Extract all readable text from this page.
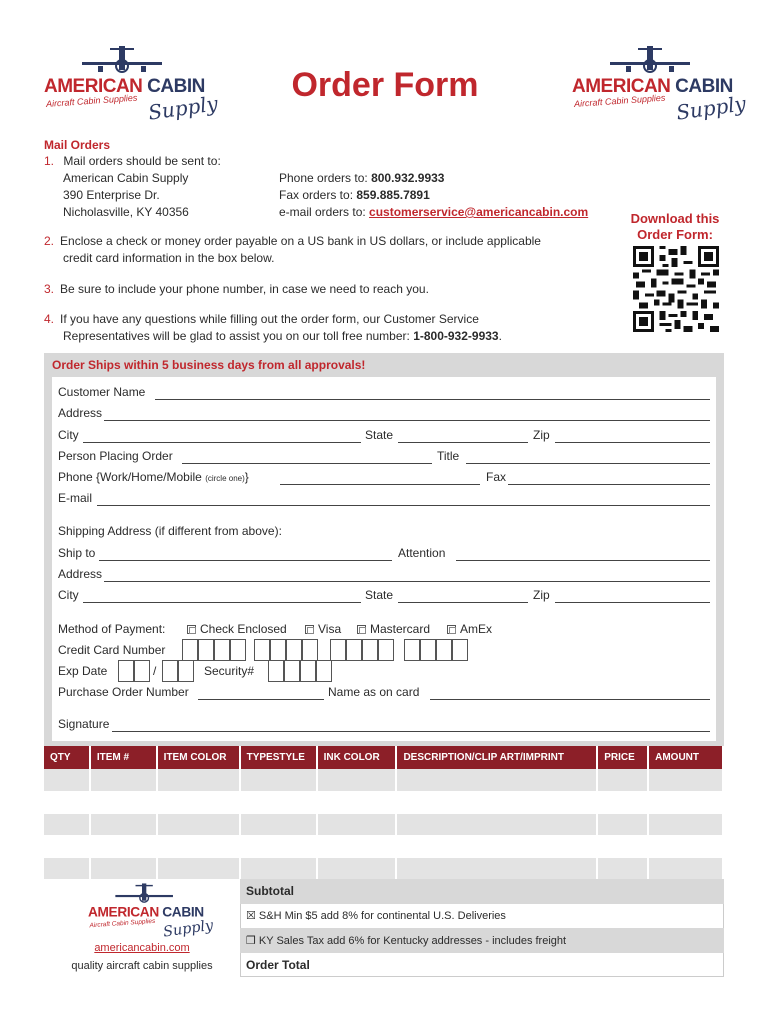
AMERICAN CABIN
Aircraft Cabin Supplies Supply
AMERICAN CABIN
Aircraft Cabin Supplies Supply
Order Form
Mail Orders
1. Mail orders should be sent to:
American Cabin Supply
390 Enterprise Dr.
Nicholasville, KY 40356
Phone orders to: 800.932.9933
Fax orders to: 859.885.7891
e-mail orders to: customerservice@americancabin.com
2. Enclose a check or money order payable on a US bank in US dollars, or include applicable
credit card information in the box below.
3. Be sure to include your phone number, in case we need to reach you.
4. If you have any questions while filling out the order form, our Customer Service
Representatives will be glad to assist you on our toll free number: 1-800-932-9933.
Download this
Order Form:
Order Ships within 5 business days from all approvals!
Customer Name
Address
City	State	Zip
Person Placing Order	Title
Phone {Work/Home/Mobile (circle one)}	Fax
E-mail
Shipping Address (if different from above):
Ship to	Attention
Address
City	State	Zip
Method of Payment:	Check Enclosed	Visa	Mastercard	AmEx
Credit Card Number
Exp Date	/	Security#
Purchase Order Number	Name as on card
Signature
QTY	ITEM #	ITEM COLOR	TYPESTYLE	INK COLOR	DESCRIPTION/CLIP ART/IMPRINT	PRICE	AMOUNT

Subtotal
☒ S&H Min $5 add 8% for continental U.S. Deliveries
❒ KY Sales Tax add 6% for Kentucky addresses - includes freight
Order Total
AMERICAN CABIN
Aircraft Cabin Supplies Supply
americancabin.com
quality aircraft cabin supplies
